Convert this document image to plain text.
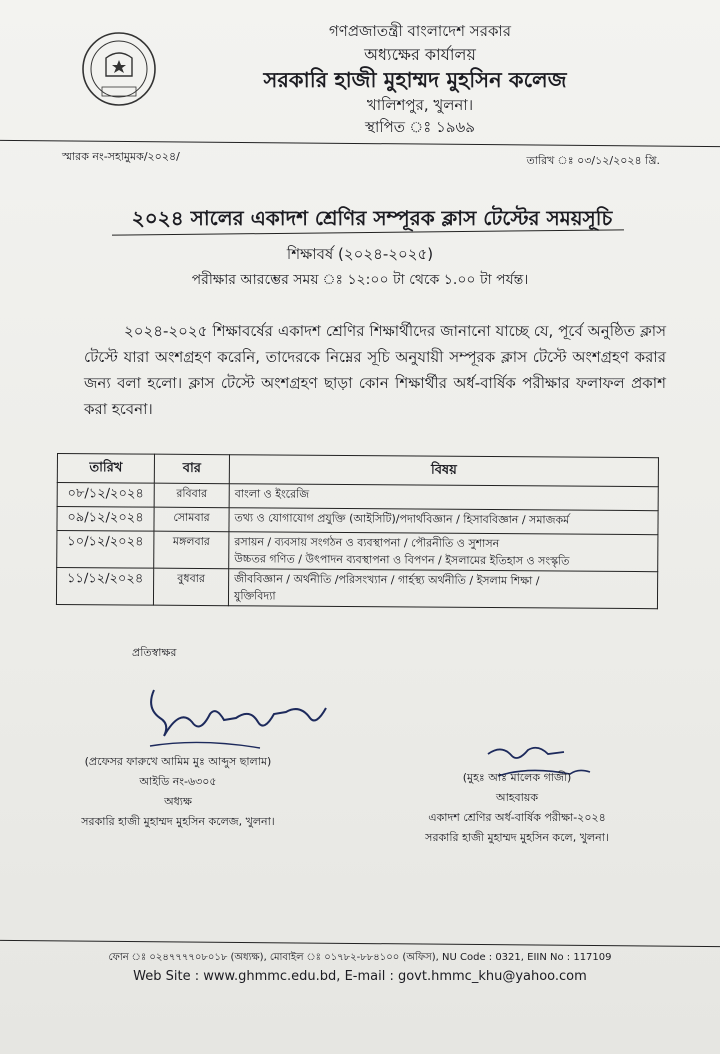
গণপ্রজাতন্ত্রী বাংলাদেশ সরকার
অধ্যক্ষের কার্যালয়
সরকারি হাজী মুহাম্মদ মুহসিন কলেজ
খালিশপুর, খুলনা।
স্থাপিত ঃ ১৯৬৯
স্মারক নং-সহামুমক/২০২৪/	তারিখ ঃ ০৩/১২/২০২৪ খ্রি.
২০২৪ সালের একাদশ শ্রেণির সম্পূরক ক্লাস টেস্টের সময়সূচি
শিক্ষাবর্ষ (২০২৪-২০২৫)
পরীক্ষার আরম্ভের সময় ঃ ১২:০০ টা থেকে ১.০০ টা পর্যন্ত।
২০২৪-২০২৫ শিক্ষাবর্ষের একাদশ শ্রেণির শিক্ষার্থীদের জানানো যাচ্ছে যে, পূর্বে অনুষ্ঠিত ক্লাস টেস্টে যারা অংশগ্রহণ করেনি, তাদেরকে নিম্নের সূচি অনুযায়ী সম্পূরক ক্লাস টেস্টে অংশগ্রহণ করার জন্য বলা হলো। ক্লাস টেস্টে অংশগ্রহণ ছাড়া কোন শিক্ষার্থীর অর্ধ-বার্ষিক পরীক্ষার ফলাফল প্রকাশ করা হবেনা।
তারিখ	বার	বিষয়
০৮/১২/২০২৪	রবিবার	বাংলা ও ইংরেজি
০৯/১২/২০২৪	সোমবার	তথ্য ও যোগাযোগ প্রযুক্তি (আইসিটি)/পদার্থবিজ্ঞান / হিসাববিজ্ঞান / সমাজকর্ম
১০/১২/২০২৪	মঙ্গলবার	রসায়ন / ব্যবসায় সংগঠন ও ব্যবস্থাপনা / পৌরনীতি ও সুশাসন
উচ্চতর গণিত / উৎপাদন ব্যবস্থাপনা ও বিপণন / ইসলামের ইতিহাস ও সংস্কৃতি
১১/১২/২০২৪	বুধবার	জীববিজ্ঞান / অর্থনীতি /পরিসংখ্যান / গার্হস্থ্য অর্থনীতি / ইসলাম শিক্ষা /
যুক্তিবিদ্যা
প্রতিস্বাক্ষর
(প্রফেসর ফারুখে আমিম মুঃ আব্দুস ছালাম)
আইডি নং-৬৩০৫
অধ্যক্ষ
সরকারি হাজী মুহাম্মদ মুহসিন কলেজ, খুলনা।
(মুহঃ আঃ মালেক গাজী)
আহবায়ক
একাদশ শ্রেণির অর্ধ-বার্ষিক পরীক্ষা-২০২৪
সরকারি হাজী মুহাম্মদ মুহসিন কলে, খুলনা।
ফোন ঃ ০২৪৭৭৭৭০৮০১৮ (অধ্যক্ষ), মোবাইল ঃ ০১৭৮২-৮৮৪১০০ (অফিস), NU Code : 0321, EIIN No : 117109
Web Site : www.ghmmc.edu.bd, E-mail : govt.hmmc_khu@yahoo.com
